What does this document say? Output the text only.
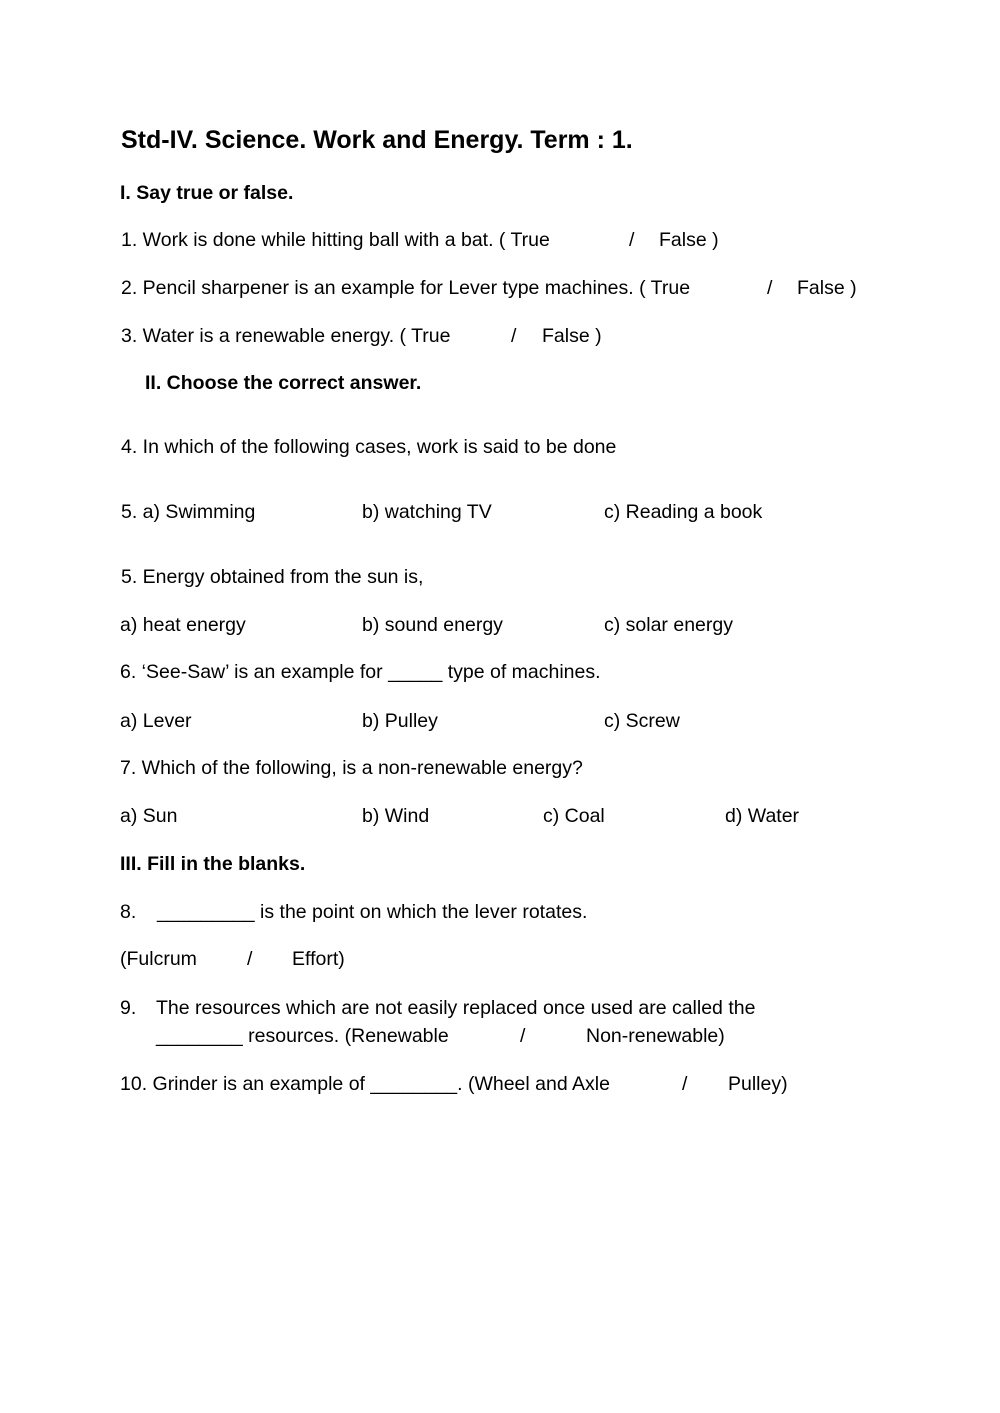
Std-IV. Science. Work and Energy. Term : 1.
I. Say true or false.
1. Work is done while hitting ball with a bat. ( True	/ False )
2. Pencil sharpener is an example for Lever type machines. ( True	/ False )
3. Water is a renewable energy. ( True	/ False )
II. Choose the correct answer.
4. In which of the following cases, work is said to be done
5. a) Swimming	b) watching TV	c) Reading a book
5. Energy obtained from the sun is,
a) heat energy	b) sound energy	c) solar energy
6. ‘See-Saw’ is an example for _____ type of machines.
a) Lever	b) Pulley	c) Screw
7. Which of the following, is a non-renewable energy?
a) Sun	b) Wind	c) Coal	d) Water
III. Fill in the blanks.
8. _________ is the point on which the lever rotates.
(Fulcrum	/ Effort)
9. The resources which are not easily replaced once used are called the
________ resources. (Renewable	/	Non-renewable)
10. Grinder is an example of ________. (Wheel and Axle	/ Pulley)
